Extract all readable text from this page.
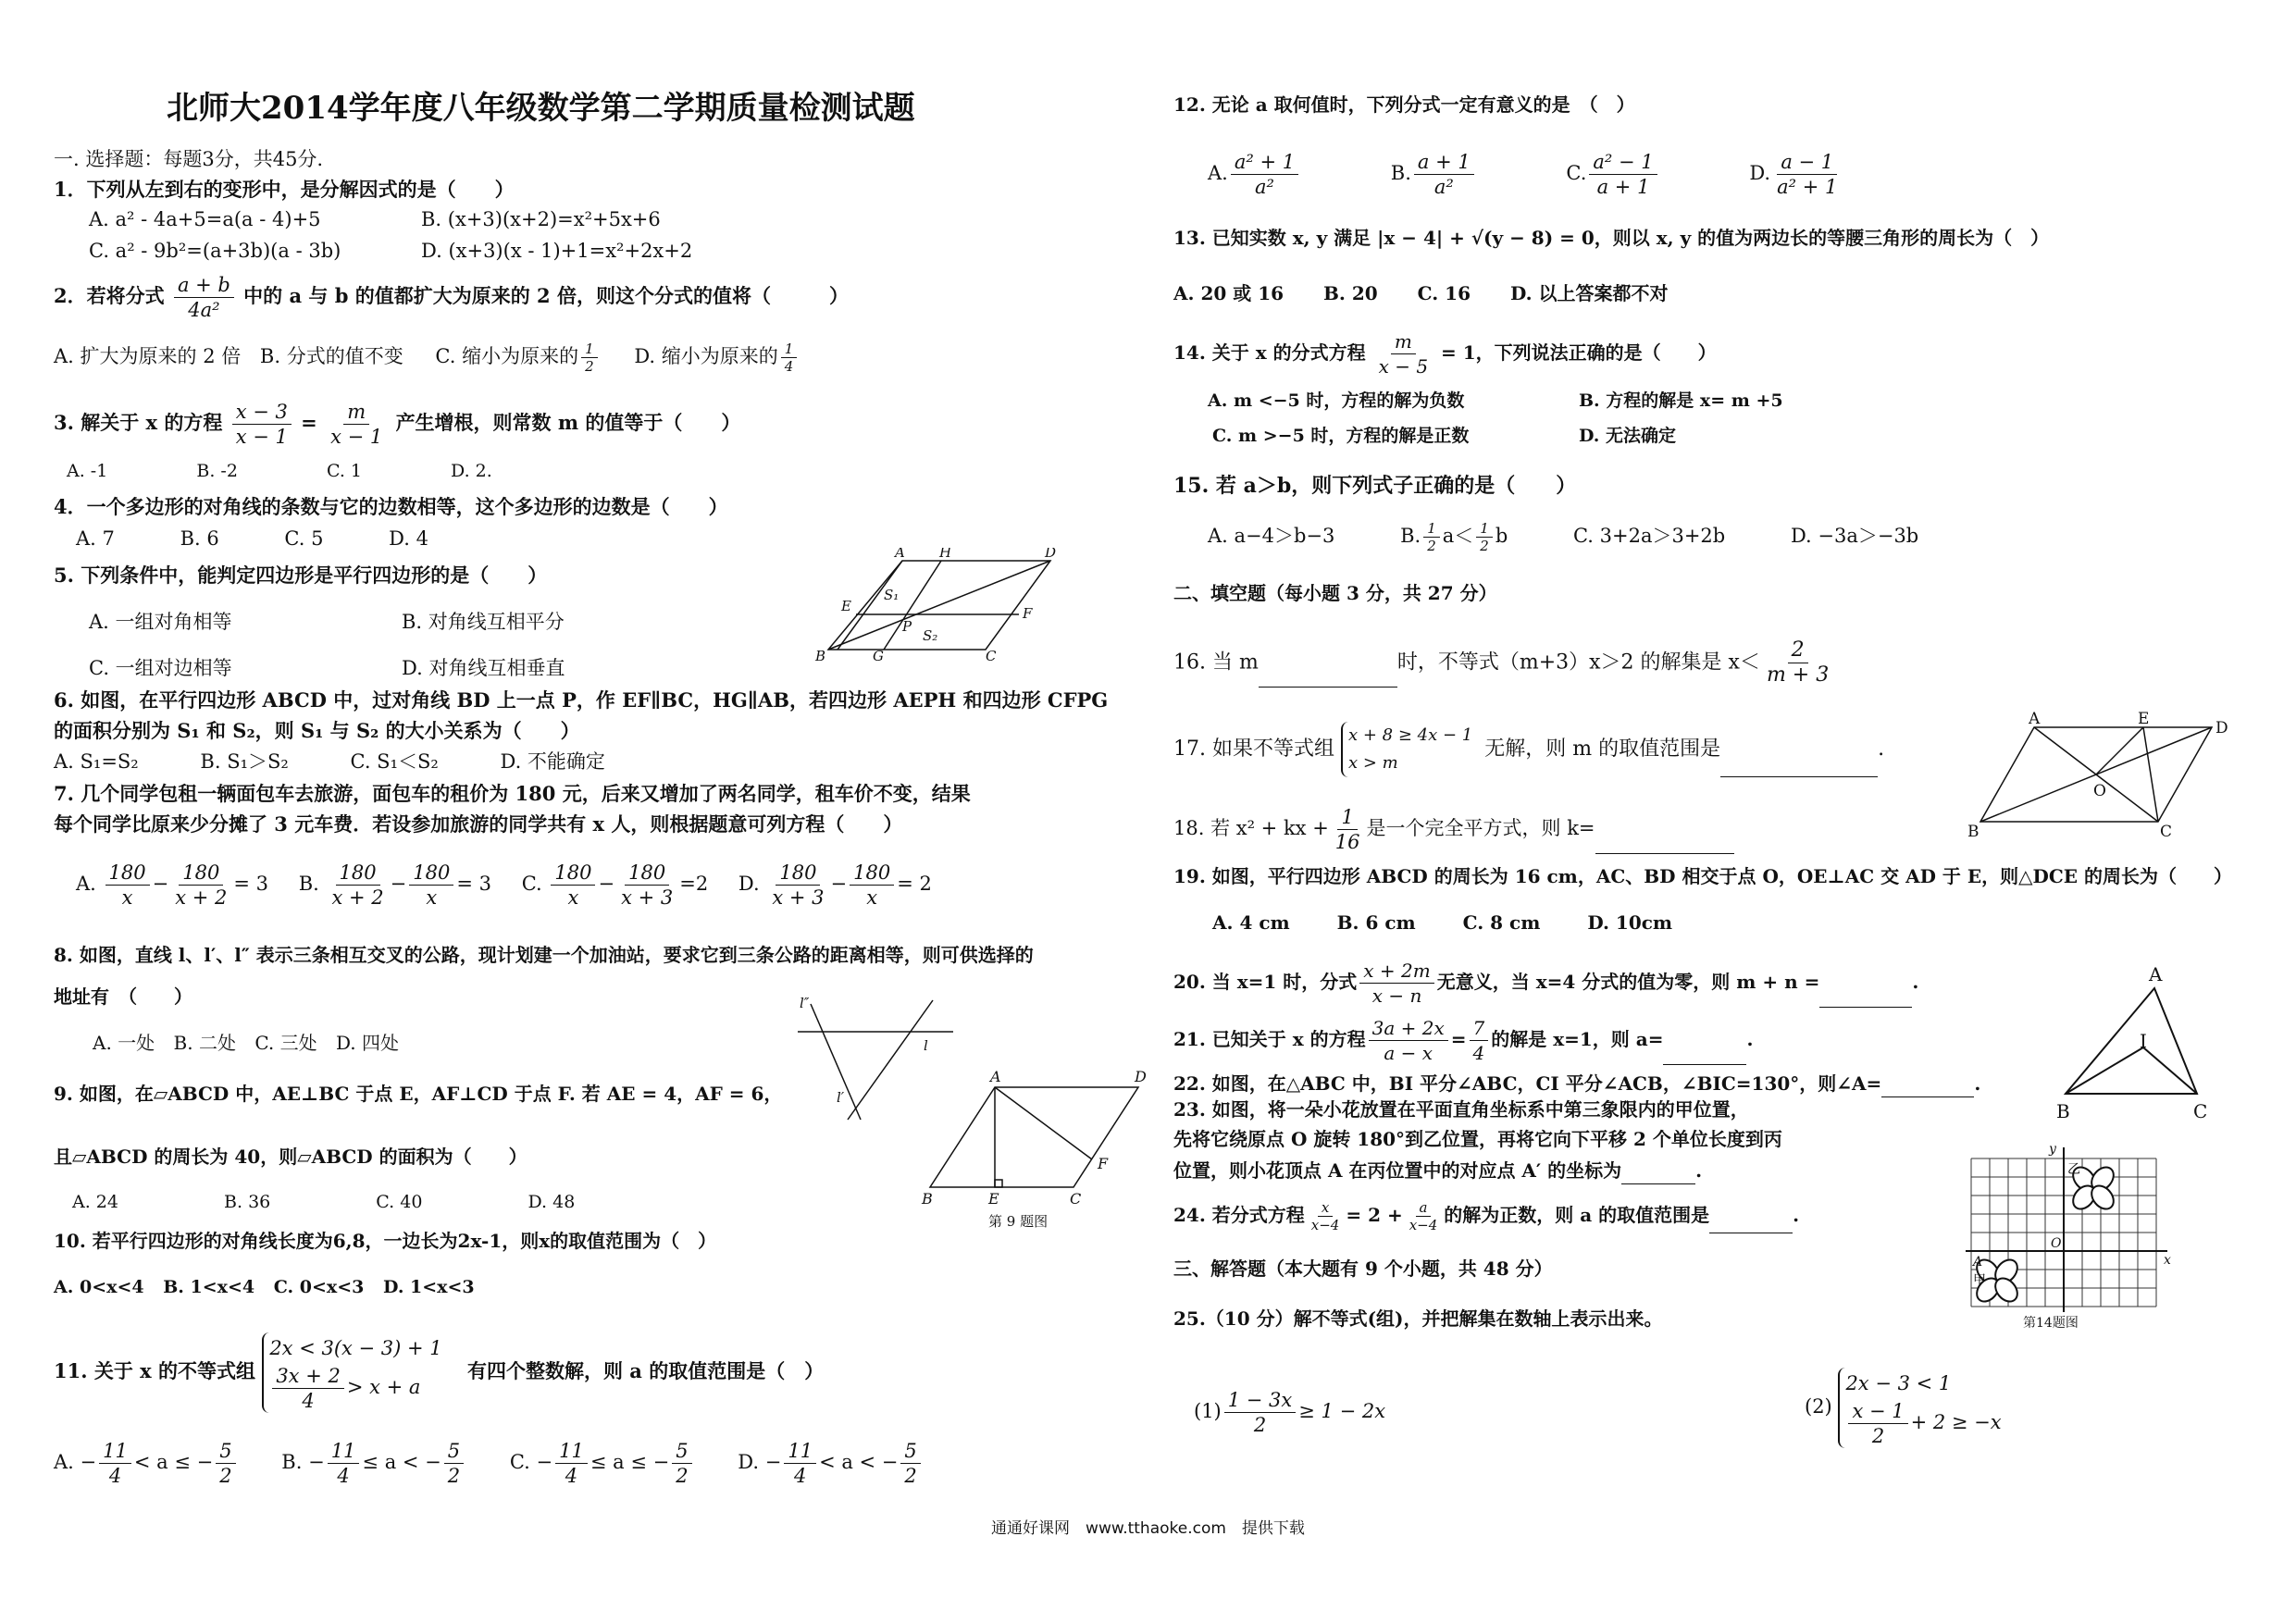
北师大2014学年度八年级数学第二学期质量检测试题
一. 选择题：每题3分，共45分.
1．下列从左到右的变形中，是分解因式的是（　　）
A. a² - 4a+5=a(a - 4)+5	B. (x+3)(x+2)=x²+5x+6
C. a² - 9b²=(a+3b)(a - 3b)	D. (x+3)(x - 1)+1=x²+2x+2
2．若将分式 $\frac{a + b}{\text{4a²}}$ 中的 a 与 b 的值都扩大为原来的 2 倍，则这个分式的值将（　　　）
A. 扩大为原来的 2 倍 B. 分式的值不变 C. 缩小为原来的 $\frac{1}{2} D$. 缩小为原来的 $\frac{1}{4}$
3. 解关于 x 的方程 $\frac{x - 3}{x - 1} = \frac{m}{x - 1}$ 产生增根，则常数 m 的值等于（　　）
A. -1	B. -2	C. 1	D. 2.
4．一个多边形的对角线的条数与它的边数相等，这个多边形的边数是（　　）
A. 7	B. 6	C. 5	D. 4
5. 下列条件中，能判定四边形是平行四边形的是（　　）
A. 一组对角相等	B. 对角线互相平分
C. 一组对边相等	D. 对角线互相垂直
A H	D
E
S₁
P
F
B	G
S₂
C
6. 如图，在平行四边形 ABCD 中，过对角线 BD 上一点 P，作 EF∥BC，HG∥AB，若四边形 AEPH 和四边形 CFPG
的面积分别为 S₁ 和 S₂，则 S₁ 与 S₂ 的大小关系为（　　）
A. S₁=S₂	B. S₁＞S₂	C. S₁＜S₂	D. 不能确定
7. 几个同学包租一辆面包车去旅游，面包车的租价为 180 元，后来又增加了两名同学，租车价不变，结果
每个同学比原来少分摊了 3 元车费．若设参加旅游的同学共有 x 人，则根据题意可列方程（　　）
A. $\frac{180}{x} - \frac{180}{x + 2} = 3$ B. $\frac{180}{x + 2} - \frac{180}{x} = 3$ C. $\frac{180}{x} - \frac{180}{x + 3} =2$ D. $\frac{180}{x + 3} - \frac{180}{x} = 2$
8. 如图，直线 l、l′、l″ 表示三条相互交叉的公路，现计划建一个加油站，要求它到三条公路的距离相等，则可供选择的
地址有　（　　）
A. 一处 B. 二处 C. 三处 D. 四处
l″
l
l′
9. 如图，在▱ABCD 中，AE⊥BC 于点 E，AF⊥CD 于点 F. 若 AE = 4，AF = 6，
且▱ABCD 的周长为 40，则▱ABCD 的面积为（　　）
A. 24	B. 36	C. 40	D. 48
A	D
F
B	E	C
第 9 题图
10. 若平行四边形的对角线长度为6,8，一边长为2x-1，则x的取值范围为（　）
A. 0<x<4 B. 1<x<4 C. 0<x<3 D. 1<x<3
11. 关于 x 的不等式组
2x < 3(x − 3) + 1
$\frac{3x + 2}{4} > x + a$
有四个整数解，则 a 的取值范围是（　）
A. − $\frac{11}{4} < a$ ≤ − $\frac{5}{2} B$. − $\frac{11}{4} \le a$ < − $\frac{5}{2} C$. − $\frac{11}{4} \le a$ ≤ − $\frac{5}{2} D$. − $\frac{11}{4} < a$ < − $\frac{5}{2}$
12. 无论 a 取何值时，下列分式一定有意义的是　（　）
A. $\frac{\text{a² + 1}}{\text{a²}}$	B. $\frac{a + 1}{\text{a²}}$	C. $\frac{\text{a² − 1}}{a + 1}$	D. $\frac{a - 1}{\text{a² + 1}}$
13. 已知实数 x, y 满足 |x − 4| + √(y − 8) = 0，则以 x, y 的值为两边长的等腰三角形的周长为（　）
A. 20 或 16 B. 20 C. 16 D. 以上答案都不对
14. 关于 x 的分式方程 $\frac{m}{x - 5} = 1$，下列说法正确的是（　　）
A. m <−5 时，方程的解为负数	B. 方程的解是 x= m +5
C. m >−5 时，方程的解是正数	D. 无法确定
15. 若 a＞b，则下列式子正确的是（　　）
A. a−4＞b−3	B. $\frac{1}{2} a< \frac{1}{2}$ b	C. 3+2a＞3+2b	D. −3a＞−3b
二、填空题（每小题 3 分，共 27 分）
16. 当 m	时，不等式（m+3）x＞2 的解集是 $x< \frac{2}{m + 3}$
17. 如果不等式组
x + 8 ≥ 4x − 1
x > m
无解，则 m 的取值范围是	.
A	E	D
O
B	C
18. 若 x² + kx + $\frac{1}{16}$ 是一个完全平方式，则 k=
19. 如图，平行四边形 ABCD 的周长为 16 cm，AC、BD 相交于点 O，OE⊥AC 交 AD 于 E，则△DCE 的周长为（　　）
A. 4 cm	B. 6 cm	C. 8 cm	D. 10cm
20. 当 x=1 时，分式 $\frac{x + 2m}{x - n}$ 无意义，当 x=4 分式的值为零，则 m + n =	.
21. 已知关于 x 的方程 $\frac{3a + 2x}{a - x} = \frac{7}{4}$ 的解是 x=1，则 a=	.
22. 如图，在△ABC 中，BI 平分∠ABC，CI 平分∠ACB，∠BIC=130°，则∠A=	.
A
I
B	C
23. 如图，将一朵小花放置在平面直角坐标系中第三象限内的甲位置，
先将它绕原点 O 旋转 180°到乙位置，再将它向下平移 2 个单位长度到丙
位置，则小花顶点 A 在丙位置中的对应点 A′ 的坐标为	.
24. 若分式方程 $\frac{x}{x-4} = 2 + \frac{a}{x-4}$ 的解为正数，则 a 的取值范围是	.
y
乙
O
x
A
甲
第14题图
三、解答题（本大题有 9 个小题，共 48 分）
25.（10 分）解不等式(组)，并把解集在数轴上表示出来。
$(1) \frac{1 - 3x}{2} \ge 1 - 2x$	(2)
2x − 3 < 1
$\frac{x - 1}{2} + 2 \ge -x$
通通好课网　www.tthaoke.com　提供下载
